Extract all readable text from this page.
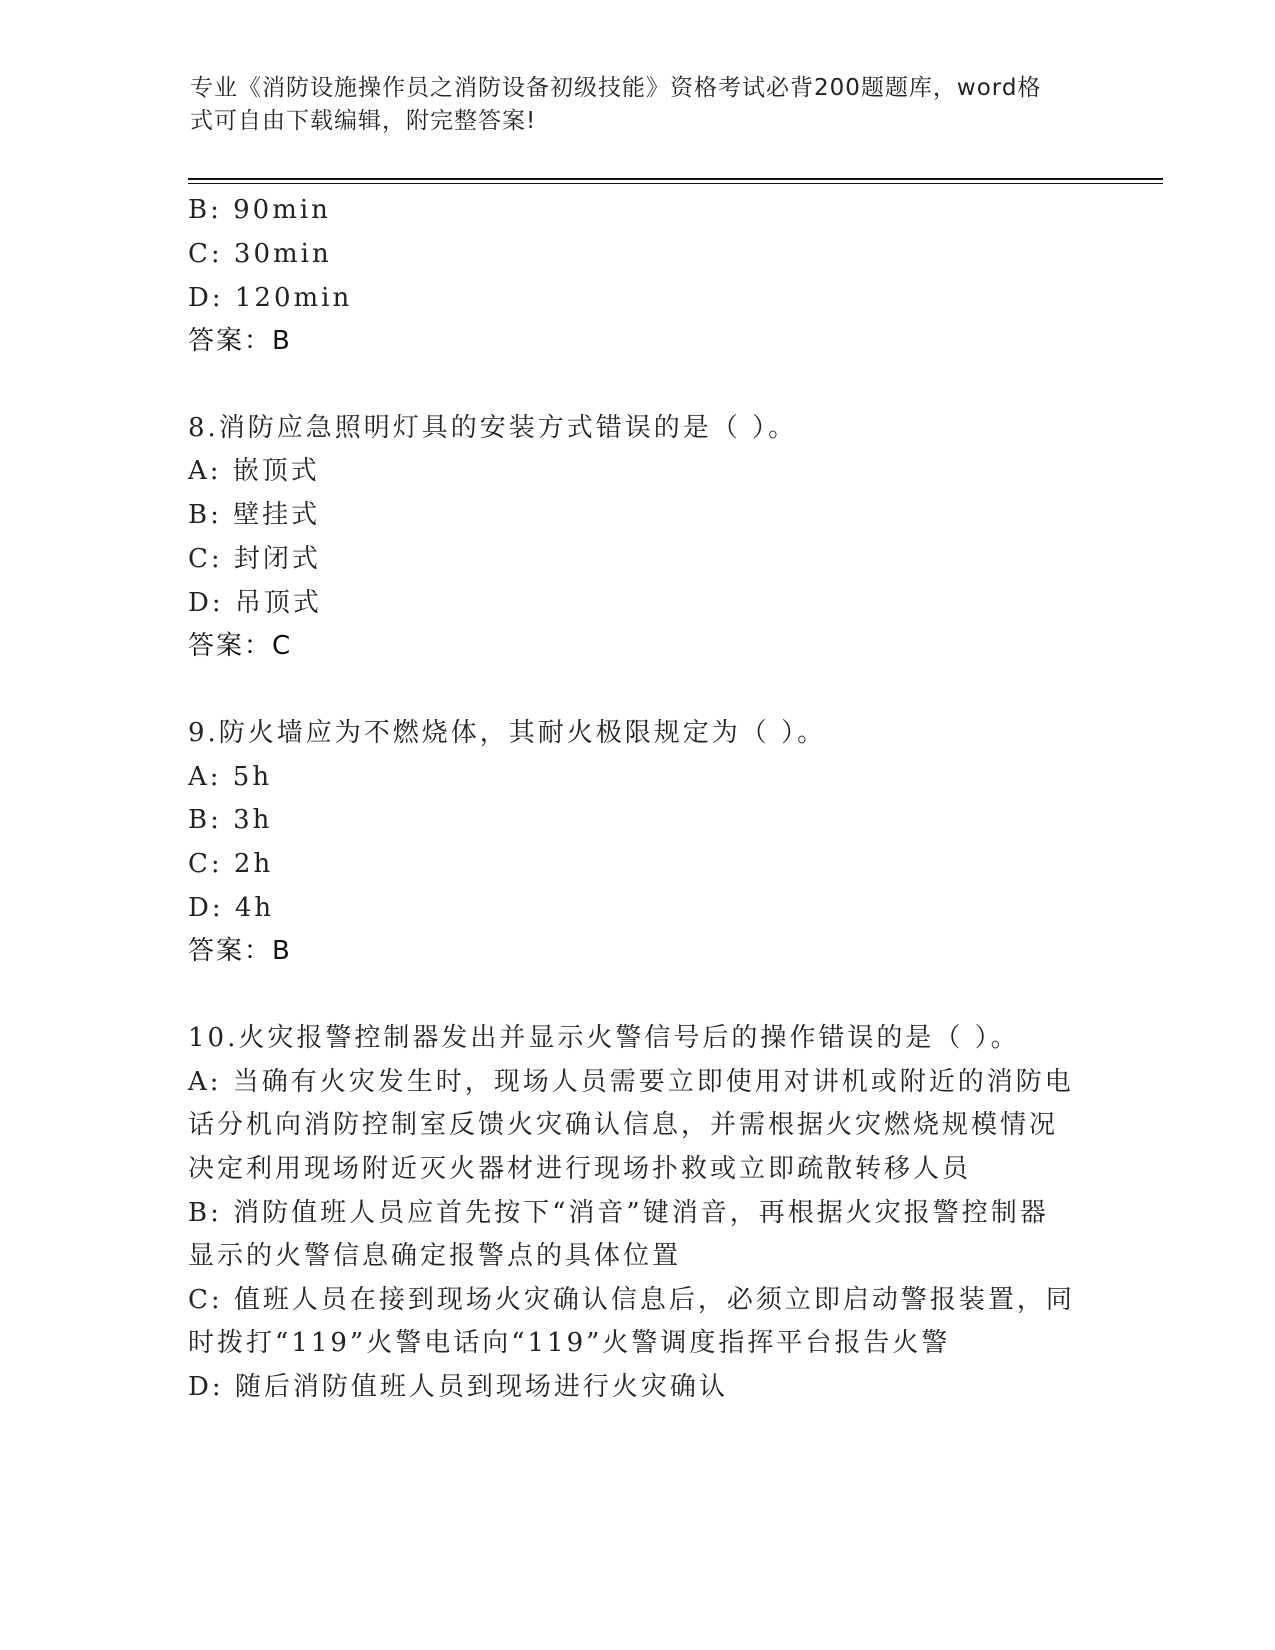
专业《消防设施操作员之消防设备初级技能》资格考试必背200题题库，word格
式可自由下载编辑，附完整答案!
B: 90min
C: 30min
D: 120min
答案：B
8.消防应急照明灯具的安装方式错误的是（ ）。
A: 嵌顶式
B: 壁挂式
C: 封闭式
D: 吊顶式
答案：C
9.防火墙应为不燃烧体，其耐火极限规定为（ ）。
A: 5h
B: 3h
C: 2h
D: 4h
答案：B
10.火灾报警控制器发出并显示火警信号后的操作错误的是（ ）。
A: 当确有火灾发生时，现场人员需要立即使用对讲机或附近的消防电
话分机向消防控制室反馈火灾确认信息，并需根据火灾燃烧规模情况
决定利用现场附近灭火器材进行现场扑救或立即疏散转移人员
B: 消防值班人员应首先按下“消音”键消音，再根据火灾报警控制器
显示的火警信息确定报警点的具体位置
C: 值班人员在接到现场火灾确认信息后，必须立即启动警报装置，同
时拨打“119”火警电话向“119”火警调度指挥平台报告火警
D: 随后消防值班人员到现场进行火灾确认
